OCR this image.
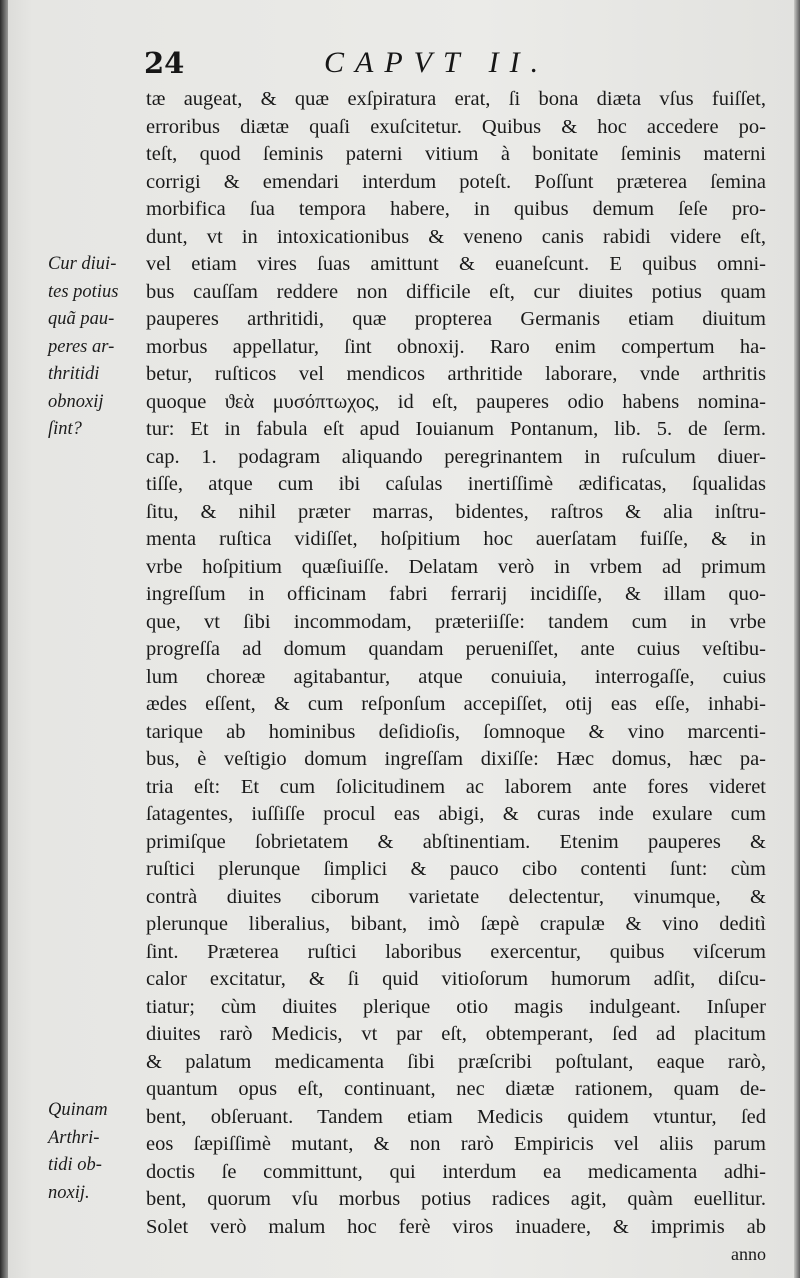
24	CAPVT II.
Cur diui-
tes potius
quã pau-
peres ar-
thritidi
obnoxij
ſint?
Quinam
Arthri-
tidi ob-
noxij.
tæ augeat, & quæ exſpiratura erat, ſi bona diæta vſus fuiſſet,
erroribus diætæ quaſi exuſcitetur. Quibus & hoc accedere po-
teſt, quod ſeminis paterni vitium à bonitate ſeminis materni
corrigi & emendari interdum poteſt. Poſſunt præterea ſemina
morbifica ſua tempora habere, in quibus demum ſeſe pro-
dunt, vt in intoxicationibus & veneno canis rabidi videre eſt,
vel etiam vires ſuas amittunt & euaneſcunt. E quibus omni-
bus cauſſam reddere non difficile eſt, cur diuites potius quam
pauperes arthritidi, quæ propterea Germanis etiam diuitum
morbus appellatur, ſint obnoxij. Raro enim compertum ha-
betur, ruſticos vel mendicos arthritide laborare, vnde arthritis
quoque ϑεὰ μυσόπτωχος, id eſt, pauperes odio habens nomina-
tur: Et in fabula eſt apud Iouianum Pontanum, lib. 5. de ſerm.
cap. 1. podagram aliquando peregrinantem in ruſculum diuer-
tiſſe, atque cum ibi caſulas inertiſſimè ædificatas, ſqualidas
ſitu, & nihil præter marras, bidentes, raſtros & alia inſtru-
menta ruſtica vidiſſet, hoſpitium hoc auerſatam fuiſſe, & in
vrbe hoſpitium quæſiuiſſe. Delatam verò in vrbem ad primum
ingreſſum in officinam fabri ferrarij incidiſſe, & illam quo-
que, vt ſibi incommodam, præteriiſſe: tandem cum in vrbe
progreſſa ad domum quandam perueniſſet, ante cuius veſtibu-
lum choreæ agitabantur, atque conuiuia, interrogaſſe, cuius
ædes eſſent, & cum reſponſum accepiſſet, otij eas eſſe, inhabi-
tarique ab hominibus deſidioſis, ſomnoque & vino marcenti-
bus, è veſtigio domum ingreſſam dixiſſe: Hæc domus, hæc pa-
tria eſt: Et cum ſolicitudinem ac laborem ante fores videret
ſatagentes, iuſſiſſe procul eas abigi, & curas inde exulare cum
primiſque ſobrietatem & abſtinentiam. Etenim pauperes &
ruſtici plerunque ſimplici & pauco cibo contenti ſunt: cùm
contrà diuites ciborum varietate delectentur, vinumque, &
plerunque liberalius, bibant, imò ſæpè crapulæ & vino deditì
ſint. Præterea ruſtici laboribus exercentur, quibus viſcerum
calor excitatur, & ſi quid vitioſorum humorum adſit, diſcu-
tiatur; cùm diuites plerique otio magis indulgeant. Inſuper
diuites rarò Medicis, vt par eſt, obtemperant, ſed ad placitum
& palatum medicamenta ſibi præſcribi poſtulant, eaque rarò,
quantum opus eſt, continuant, nec diætæ rationem, quam de-
bent, obſeruant. Tandem etiam Medicis quidem vtuntur, ſed
eos ſæpiſſimè mutant, & non rarò Empiricis vel aliis parum
doctis ſe committunt, qui interdum ea medicamenta adhi-
bent, quorum vſu morbus potius radices agit, quàm euellitur.
Solet verò malum hoc ferè viros inuadere, & imprimis ab
anno
